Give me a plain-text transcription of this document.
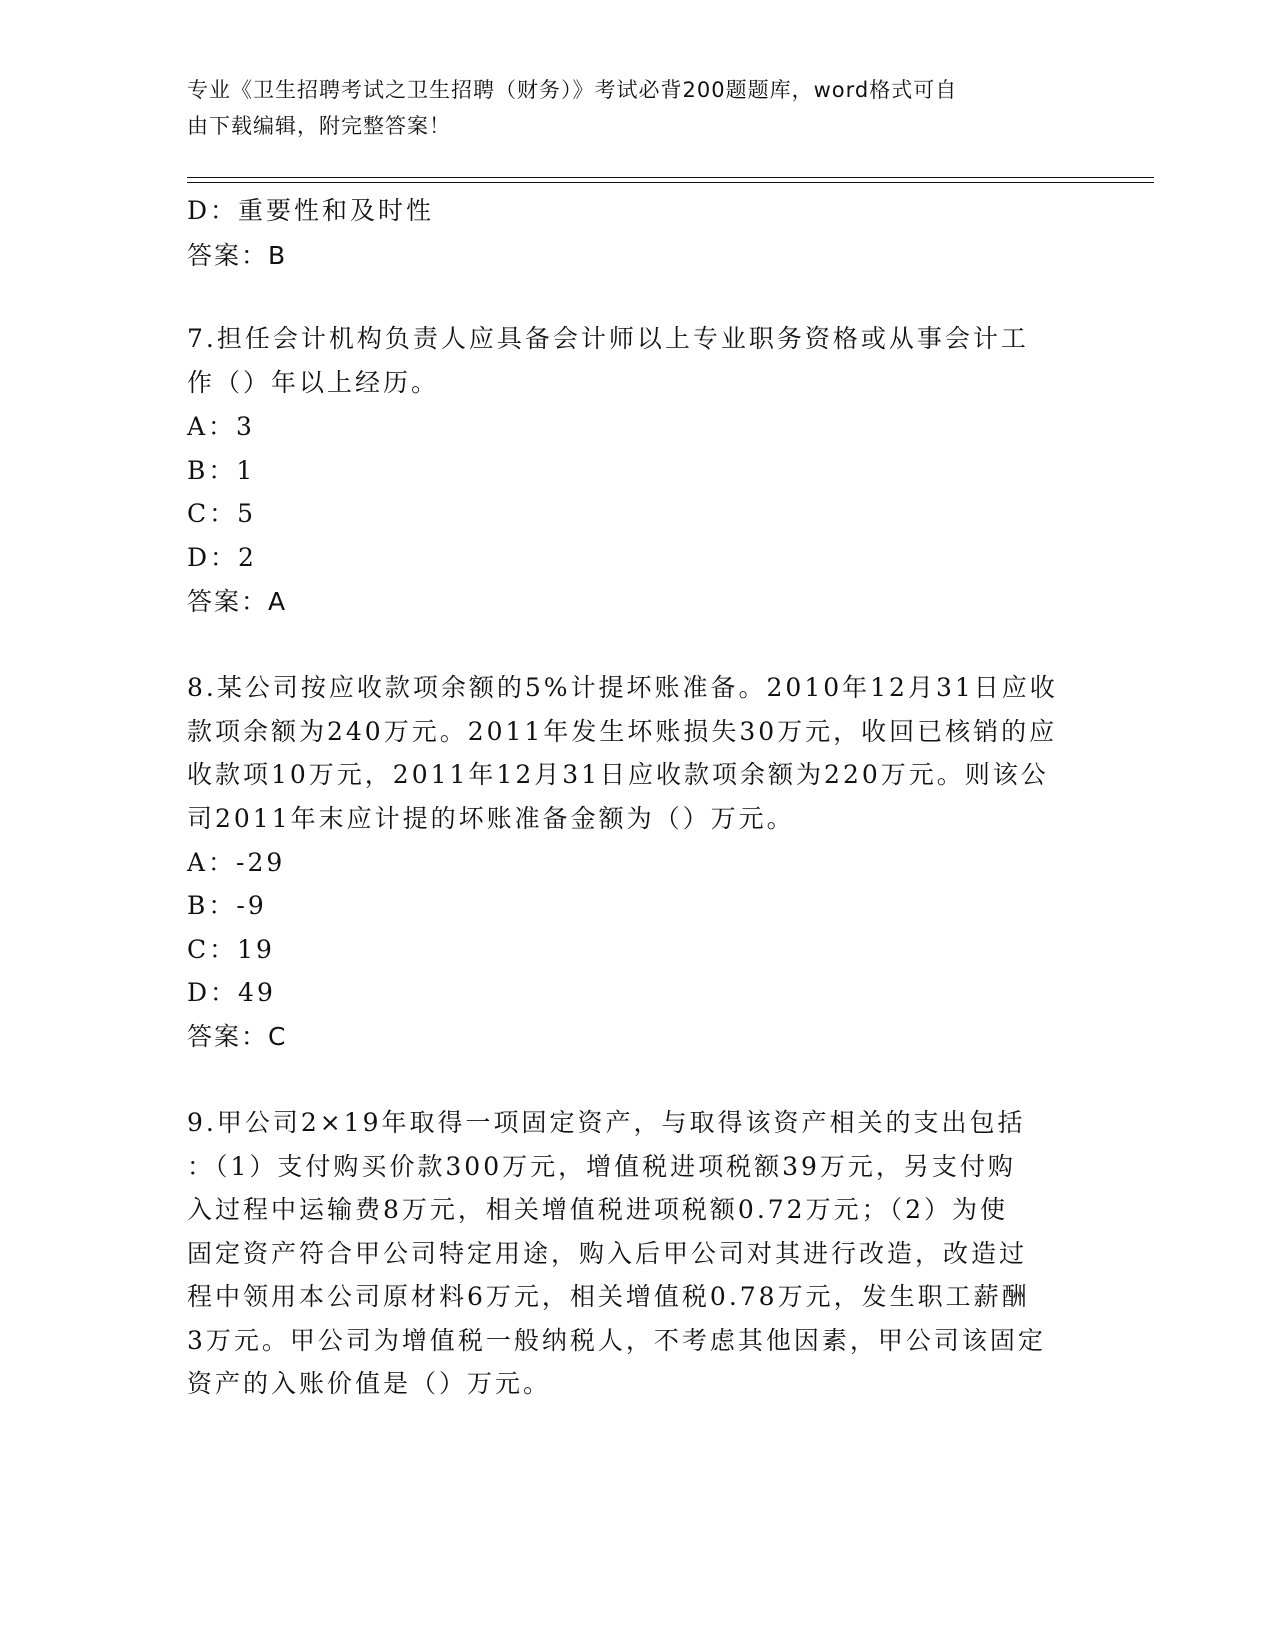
专业《卫生招聘考试之卫生招聘（财务）》考试必背200题题库，word格式可自
由下载编辑，附完整答案！
D：重要性和及时性
答案：B
7.担任会计机构负责人应具备会计师以上专业职务资格或从事会计工
作（）年以上经历。
A：3
B：1
C：5
D：2
答案：A
8.某公司按应收款项余额的5%计提坏账准备。2010年12月31日应收
款项余额为240万元。2011年发生坏账损失30万元，收回已核销的应
收款项10万元，2011年12月31日应收款项余额为220万元。则该公
司2011年末应计提的坏账准备金额为（）万元。
A：-29
B：-9
C：19
D：49
答案：C
9.甲公司2×19年取得一项固定资产，与取得该资产相关的支出包括
：（1）支付购买价款300万元，增值税进项税额39万元，另支付购
入过程中运输费8万元，相关增值税进项税额0.72万元；（2）为使
固定资产符合甲公司特定用途，购入后甲公司对其进行改造，改造过
程中领用本公司原材料6万元，相关增值税0.78万元，发生职工薪酬
3万元。甲公司为增值税一般纳税人，不考虑其他因素，甲公司该固定
资产的入账价值是（）万元。
